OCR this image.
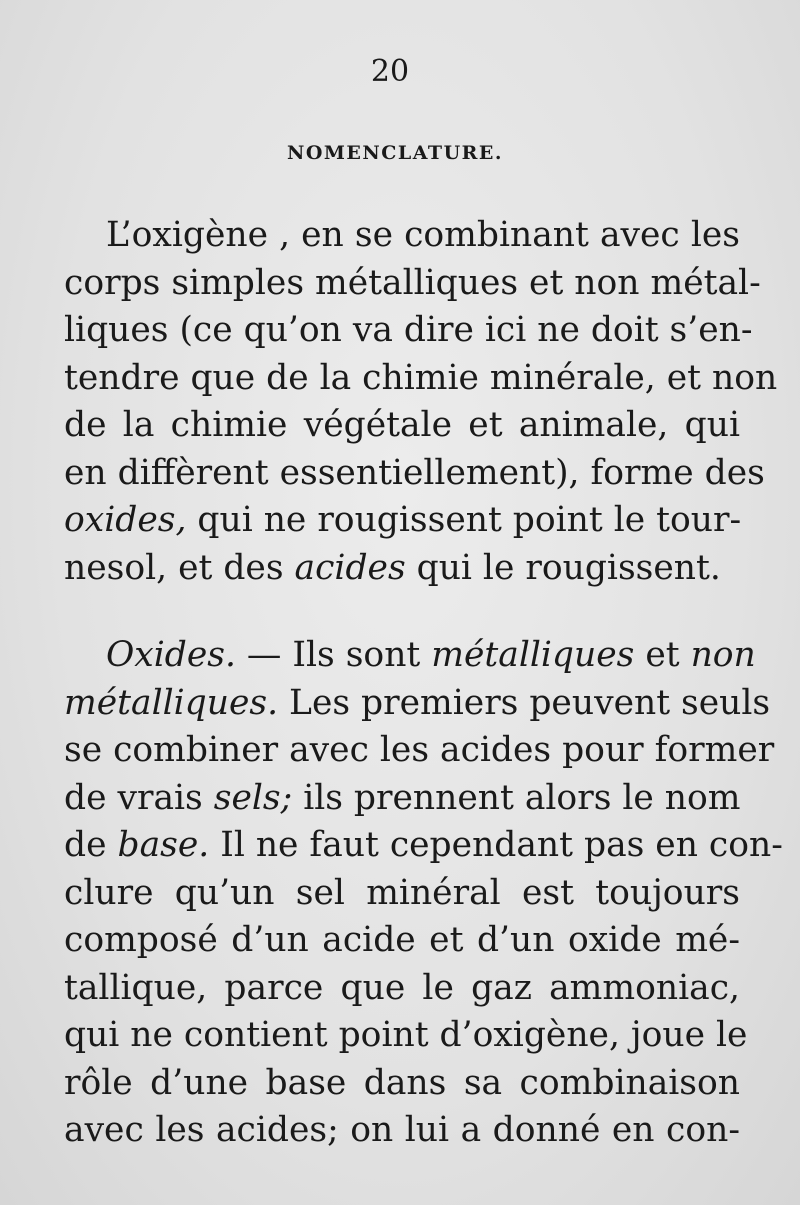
20
NOMENCLATURE.
L’oxigène , en se combinant avec les
corps simples métalliques et non métal-
liques (ce qu’on va dire ici ne doit s’en-
tendre que de la chimie minérale, et non
de la chimie végétale et animale, qui
en diffèrent essentiellement), forme des
oxides, qui ne rougissent point le tour-
nesol, et des acides qui le rougissent.
Oxides. — Ils sont métalliques et non
métalliques. Les premiers peuvent seuls
se combiner avec les acides pour former
de vrais sels; ils prennent alors le nom
de base. Il ne faut cependant pas en con-
clure qu’un sel minéral est toujours
composé d’un acide et d’un oxide mé-
tallique, parce que le gaz ammoniac,
qui ne contient point d’oxigène, joue le
rôle d’une base dans sa combinaison
avec les acides; on lui a donné en con-
